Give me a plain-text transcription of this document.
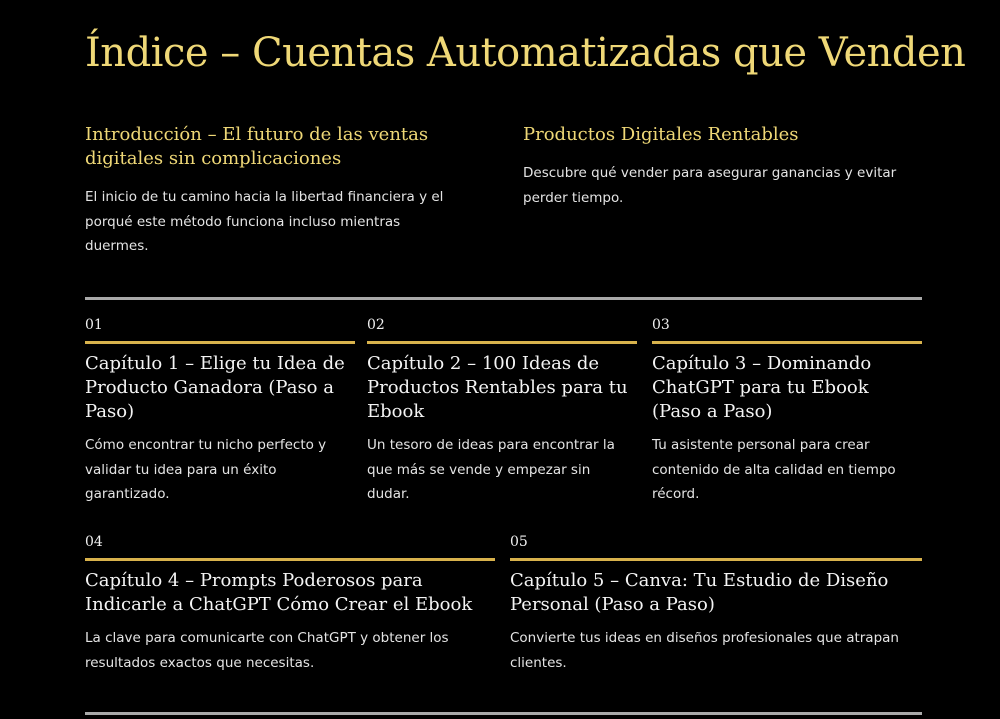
Índice – Cuentas Automatizadas que Venden
Introducción – El futuro de las ventas digitales sin complicaciones

El inicio de tu camino hacia la libertad financiera y el porqué este método funciona incluso mientras duermes.

Productos Digitales Rentables

Descubre qué vender para asegurar ganancias y evitar perder tiempo.

01
Capítulo 1 – Elige tu Idea de Producto Ganadora (Paso a Paso)

Cómo encontrar tu nicho perfecto y validar tu idea para un éxito garantizado.

02
Capítulo 2 – 100 Ideas de Productos Rentables para tu Ebook

Un tesoro de ideas para encontrar la que más se vende y empezar sin dudar.

03
Capítulo 3 – Dominando ChatGPT para tu Ebook (Paso a Paso)

Tu asistente personal para crear contenido de alta calidad en tiempo récord.

04
Capítulo 4 – Prompts Poderosos para Indicarle a ChatGPT Cómo Crear el Ebook

La clave para comunicarte con ChatGPT y obtener los resultados exactos que necesitas.

05
Capítulo 5 – Canva: Tu Estudio de Diseño Personal (Paso a Paso)

Convierte tus ideas en diseños profesionales que atrapan clientes.
